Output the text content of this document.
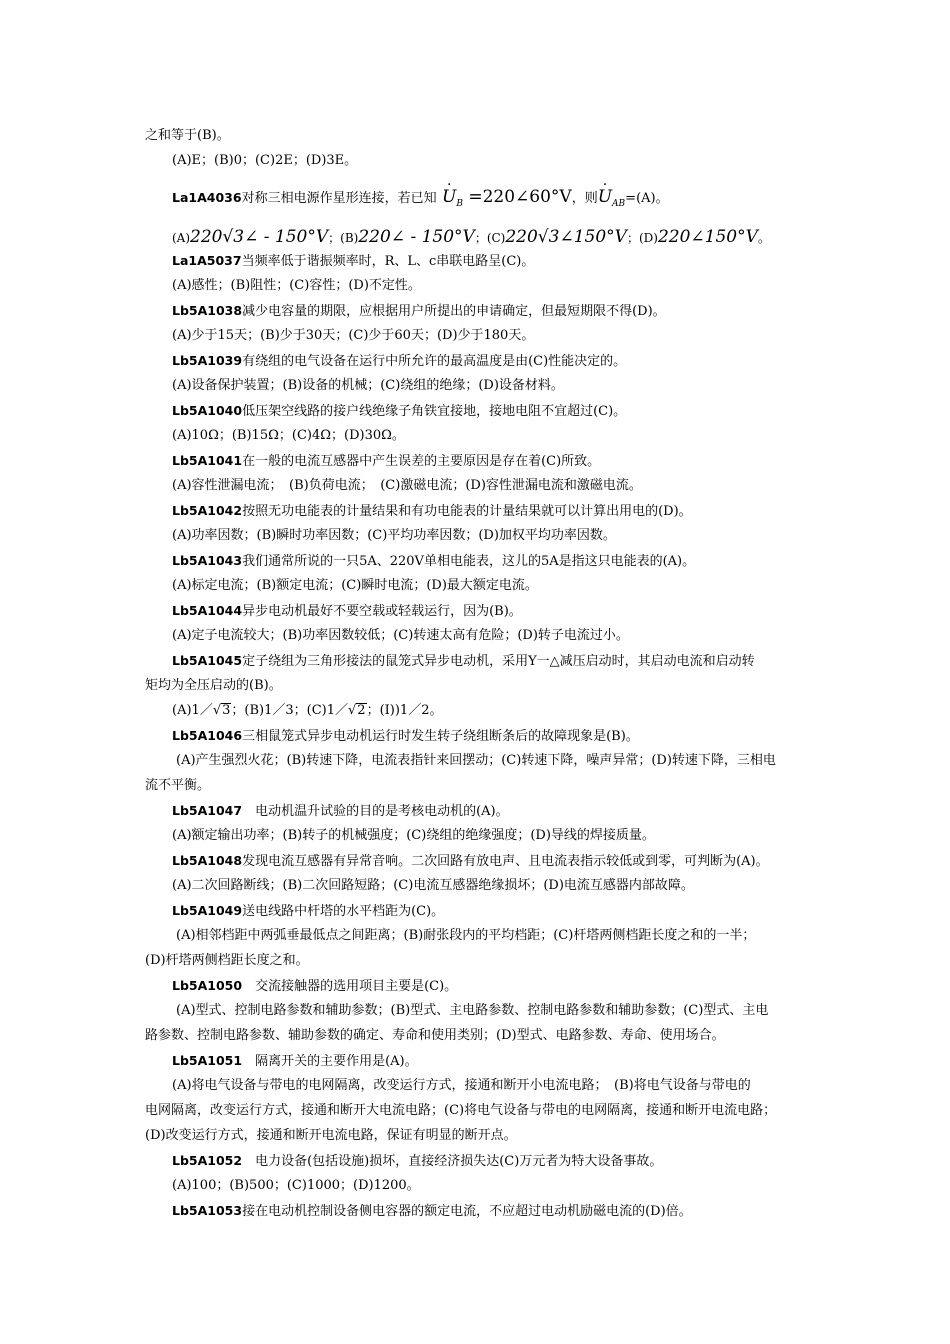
之和等于(B)。
(A)E；(B)0；(C)2E；(D)3E。
La1A4036对称三相电源作星形连接，若已知 · $U_B$ =220∠60°V，则· $U_{AB}=(A)$。
(A)220√3∠ - 150°V；(B)220∠ - 150°V；(C)220√3∠150°V；(D)220∠150°V。
La1A5037当频率低于谐振频率时，R、L、c串联电路呈(C)。
(A)感性；(B)阻性；(C)容性；(D)不定性。
Lb5A1038减少电容量的期限，应根据用户所提出的申请确定，但最短期限不得(D)。
(A)少于15天；(B)少于30天；(C)少于60天；(D)少于180天。
Lb5A1039有绕组的电气设备在运行中所允许的最高温度是由(C)性能决定的。
(A)设备保护装置；(B)设备的机械；(C)绕组的绝缘；(D)设备材料。
Lb5A1040低压架空线路的接户线绝缘子角铁宜接地，接地电阻不宜超过(C)。
(A)10Ω；(B)15Ω；(C)4Ω；(D)30Ω。
Lb5A1041在一般的电流互感器中产生误差的主要原因是存在着(C)所致。
(A)容性泄漏电流；　(B)负荷电流；　(C)激磁电流；(D)容性泄漏电流和激磁电流。
Lb5A1042按照无功电能表的计量结果和有功电能表的计量结果就可以计算出用电的(D)。
(A)功率因数；(B)瞬时功率因数；(C)平均功率因数；(D)加权平均功率因数。
Lb5A1043我们通常所说的一只5A、220V单相电能表，这儿的5A是指这只电能表的(A)。
(A)标定电流；(B)额定电流；(C)瞬时电流；(D)最大额定电流。
Lb5A1044异步电动机最好不要空载或轻载运行，因为(B)。
(A)定子电流较大；(B)功率因数较低；(C)转速太高有危险；(D)转子电流过小。
Lb5A1045定子绕组为三角形接法的鼠笼式异步电动机，采用Y一△减压启动时，其启动电流和启动转
矩均为全压启动的(B)。
(A)1／√3；(B)1／3；(C)1／√2；(I))1／2。
Lb5A1046三相鼠笼式异步电动机运行时发生转子绕组断条后的故障现象是(B)。
(A)产生强烈火花；(B)转速下降，电流表指针来回摆动；(C)转速下降，噪声异常；(D)转速下降，三相电
流不平衡。
Lb5A1047　 电动机温升试验的目的是考核电动机的(A)。
(A)额定输出功率；(B)转子的机械强度；(C)绕组的绝缘强度；(D)导线的焊接质量。
Lb5A1048发现电流互感器有异常音响。二次回路有放电声、且电流表指示较低或到零，可判断为(A)。
(A)二次回路断线；(B)二次回路短路；(C)电流互感器绝缘损坏；(D)电流互感器内部故障。
Lb5A1049送电线路中杆塔的水平档距为(C)。
(A)相邻档距中两弧垂最低点之间距离；(B)耐张段内的平均档距；(C)杆塔两侧档距长度之和的一半；
(D)杆塔两侧档距长度之和。
Lb5A1050　 交流接触器的选用项目主要是(C)。
(A)型式、控制电路参数和辅助参数；(B)型式、主电路参数、控制电路参数和辅助参数；(C)型式、主电
路参数、控制电路参数、辅助参数的确定、寿命和使用类别；(D)型式、电路参数、寿命、使用场合。
Lb5A1051　 隔离开关的主要作用是(A)。
(A)将电气设备与带电的电网隔离，改变运行方式，接通和断开小电流电路；　(B)将电气设备与带电的
电网隔离，改变运行方式，接通和断开大电流电路；(C)将电气设备与带电的电网隔离，接通和断开电流电路；
(D)改变运行方式，接通和断开电流电路，保证有明显的断开点。
Lb5A1052　 电力设备(包括设施)损坏，直接经济损失达(C)万元者为特大设备事故。
(A)100；(B)500；(C)1000；(D)1200。
Lb5A1053接在电动机控制设备侧电容器的额定电流，不应超过电动机励磁电流的(D)倍。
